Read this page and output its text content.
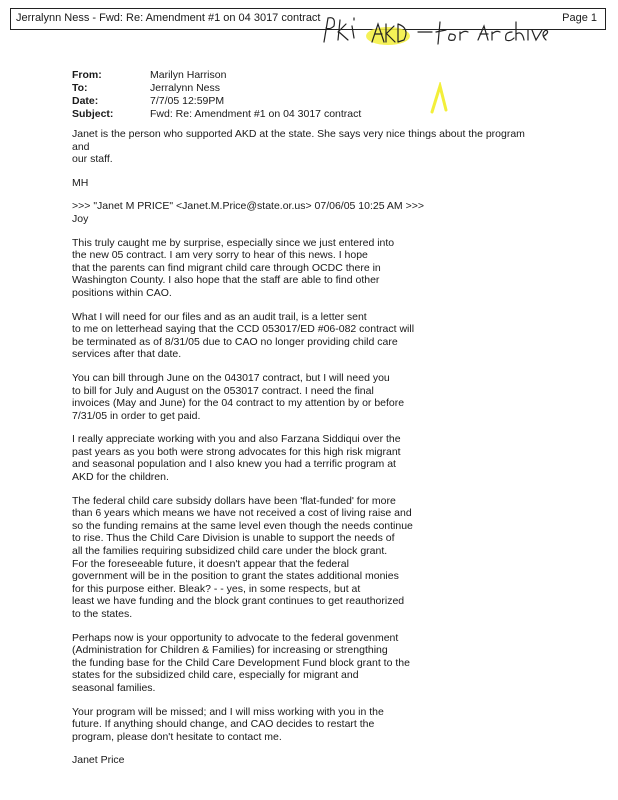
Jerralynn Ness - Fwd: Re: Amendment #1 on 04 3017 contract	Page 1
From:	Marilyn Harrison
To:	Jerralynn Ness
Date:	7/7/05 12:59PM
Subject:	Fwd: Re: Amendment #1 on 04 3017 contract

Janet is the person who supported AKD at the state. She says very nice things about the program and
our staff.

MH

>>> "Janet M PRICE" <Janet.M.Price@state.or.us> 07/06/05 10:25 AM >>>

Joy

This truly caught me by surprise, especially since we just entered into
the new 05 contract. I am very sorry to hear of this news. I hope
that the parents can find migrant child care through OCDC there in
Washington County. I also hope that the staff are able to find other
positions within CAO.

What I will need for our files and as an audit trail, is a letter sent
to me on letterhead saying that the CCD 053017/ED #06-082 contract will
be terminated as of 8/31/05 due to CAO no longer providing child care
services after that date.

You can bill through June on the 043017 contract, but I will need you
to bill for July and August on the 053017 contract. I need the final
invoices (May and June) for the 04 contract to my attention by or before
7/31/05 in order to get paid.

I really appreciate working with you and also Farzana Siddiqui over the
past years as you both were strong advocates for this high risk migrant
and seasonal population and I also knew you had a terrific program at
AKD for the children.

The federal child care subsidy dollars have been 'flat-funded' for more
than 6 years which means we have not received a cost of living raise and
so the funding remains at the same level even though the needs continue
to rise. Thus the Child Care Division is unable to support the needs of
all the families requiring subsidized child care under the block grant.
For the foreseeable future, it doesn't appear that the federal
government will be in the position to grant the states additional monies
for this purpose either. Bleak? - - yes, in some respects, but at
least we have funding and the block grant continues to get reauthorized
to the states.

Perhaps now is your opportunity to advocate to the federal govenment
(Administration for Children & Families) for increasing or strengthing
the funding base for the Child Care Development Fund block grant to the
states for the subsidized child care, especially for migrant and
seasonal families.

Your program will be missed; and I will miss working with you in the
future. If anything should change, and CAO decides to restart the
program, please don't hesitate to contact me.

Janet Price
